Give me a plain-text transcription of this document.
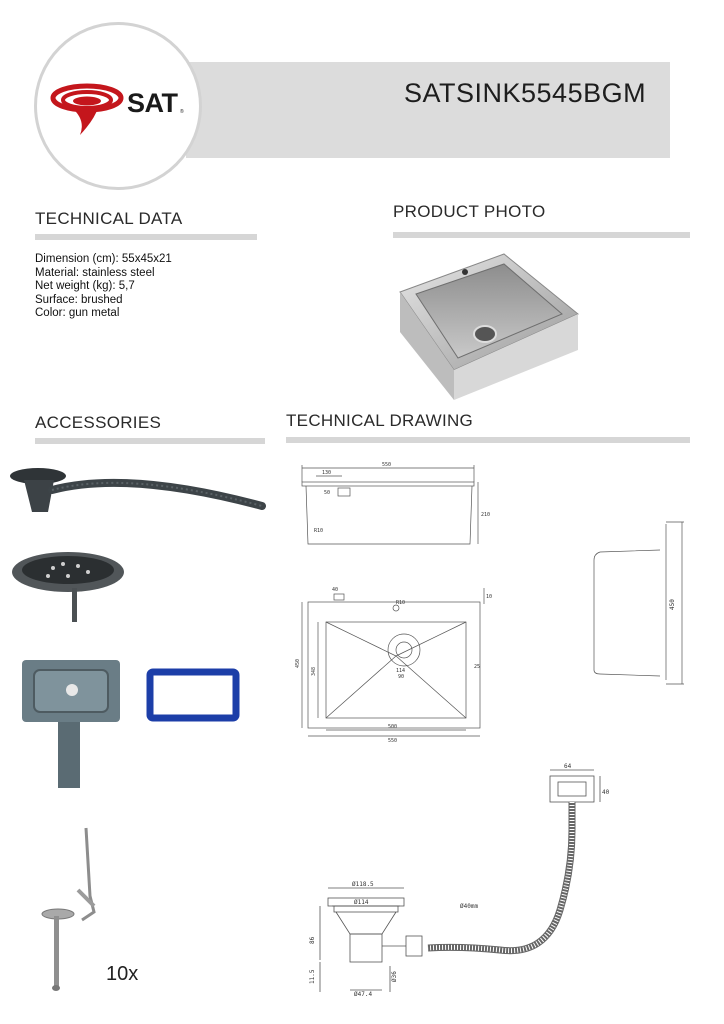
SATSINK5545BGM
SAT ®
TECHNICAL DATA
Dimension (cm): 55x45x21
Material: stainless steel
Net weight (kg): 5,7
Surface: brushed
Color: gun metal
PRODUCT PHOTO
ACCESSORIES
10x
TECHNICAL DRAWING
550
130
50
R10
210
450
40
R10
90
114
25
10
500
550
450
348
64
40
Ø118.5
Ø114
Ø40mm
86
11.5
Ø47.4
Ø36
